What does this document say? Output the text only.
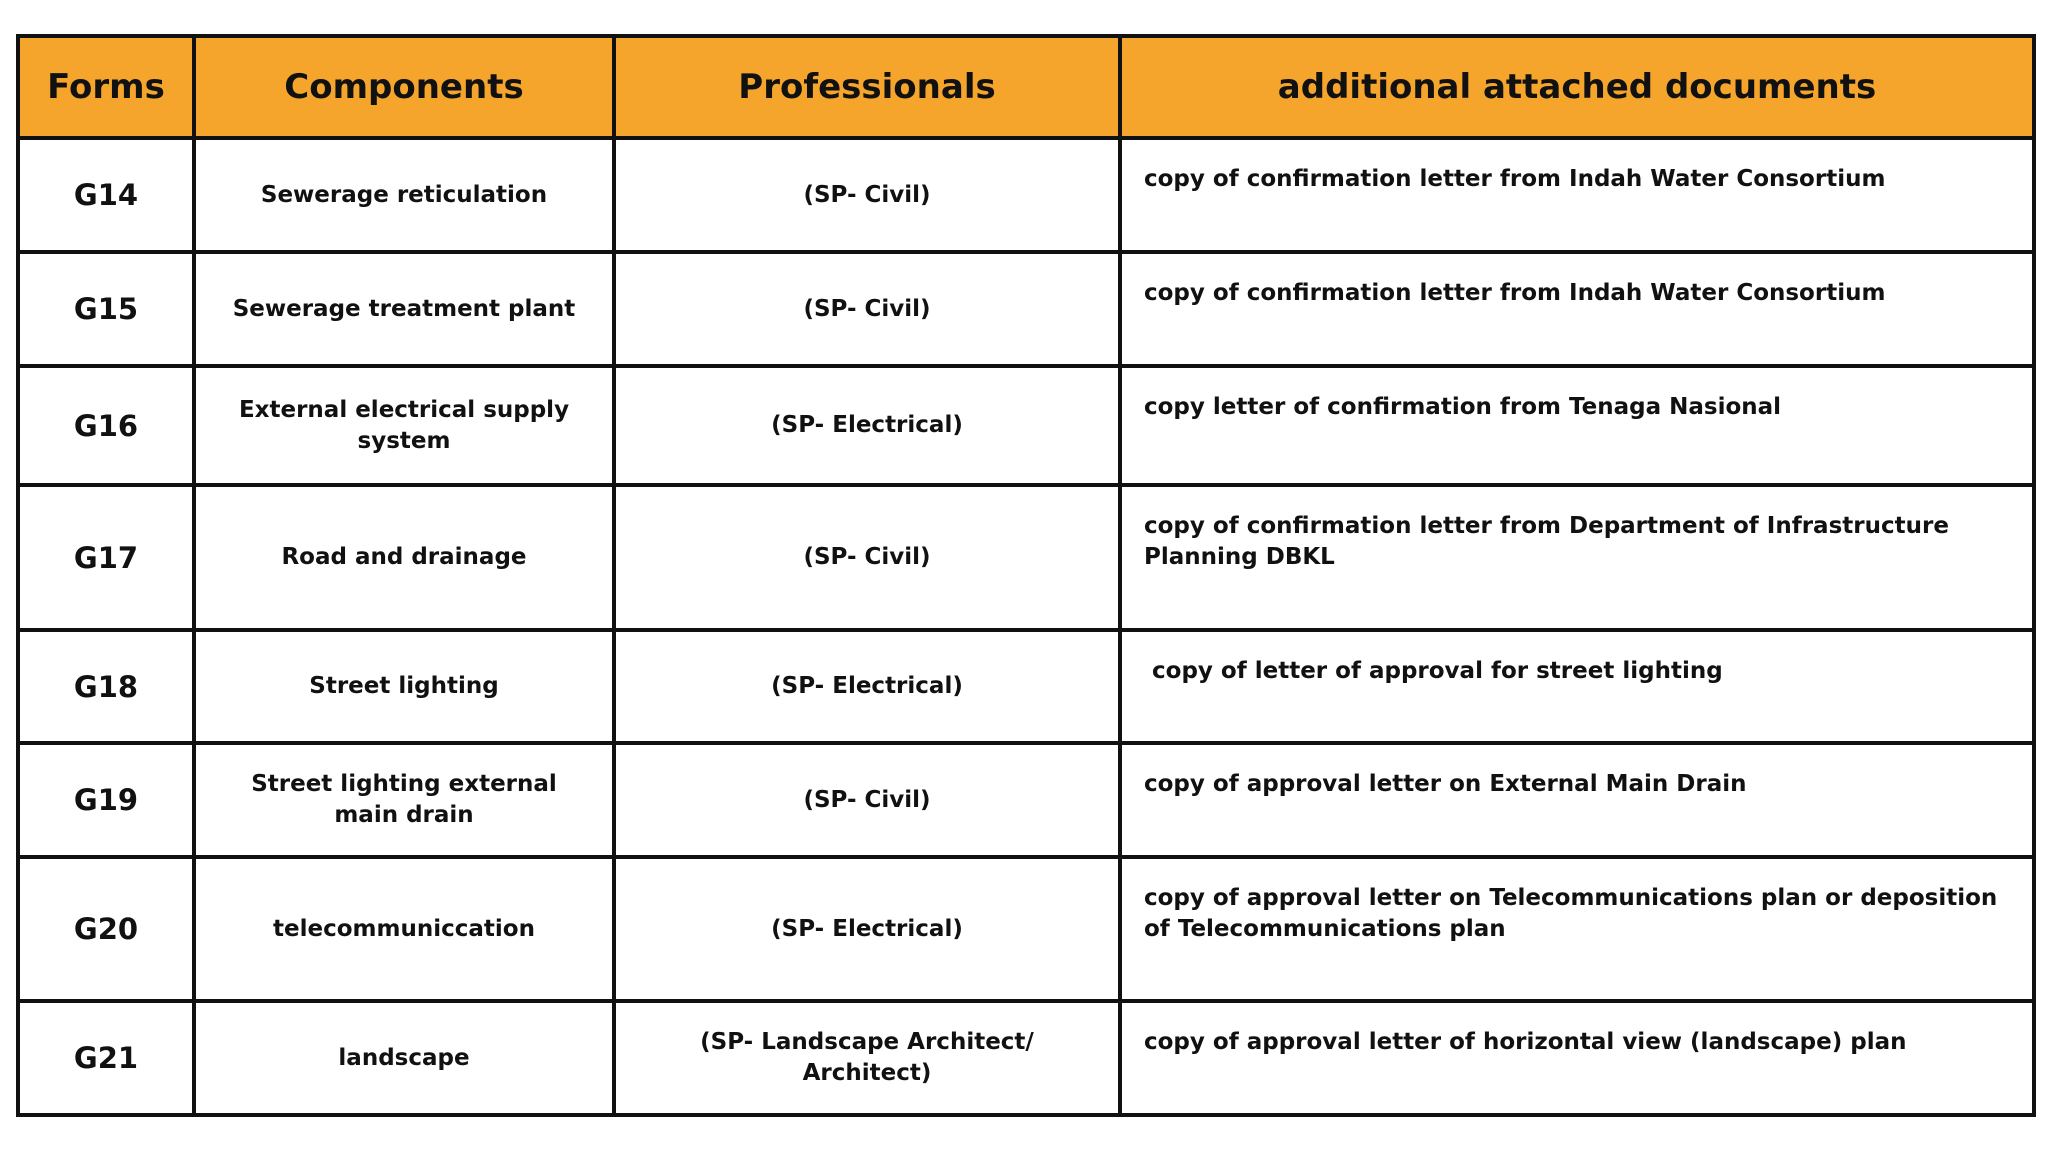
Forms	Components	Professionals	additional attached documents
G14	Sewerage reticulation	(SP- Civil)	copy of confirmation letter from Indah Water Consortium
G15	Sewerage treatment plant	(SP- Civil)	copy of confirmation letter from Indah Water Consortium
G16	External electrical supply system	(SP- Electrical)	copy letter of confirmation from Tenaga Nasional
G17	Road and drainage	(SP- Civil)	copy of confirmation letter from Department of Infrastructure Planning DBKL
G18	Street lighting	(SP- Electrical)	copy of letter of approval for street lighting
G19	Street lighting external main drain	(SP- Civil)	copy of approval letter on External Main Drain
G20	telecommuniccation	(SP- Electrical)	copy of approval letter on Telecommunications plan or deposition of Telecommunications plan
G21	landscape	(SP- Landscape Architect/ Architect)	copy of approval letter of horizontal view (landscape) plan
